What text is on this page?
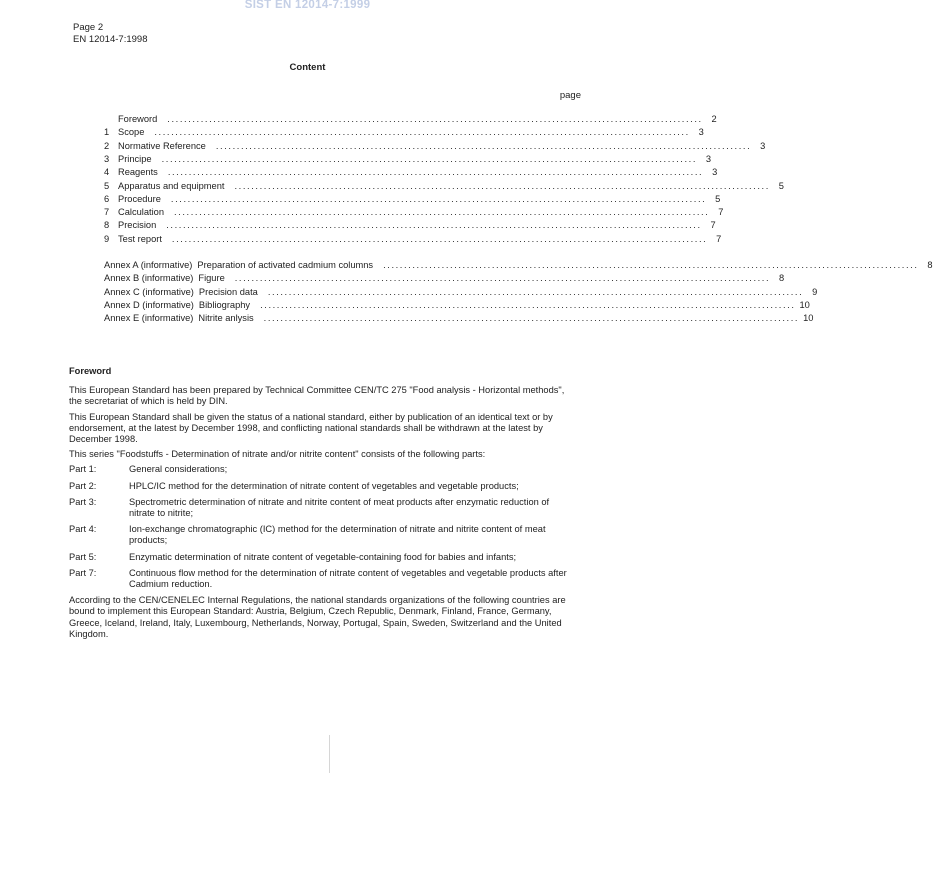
SIST EN 12014-7:1999
Page 2
EN 12014-7:1998
Content
page
Foreword ................................................................................................................................ 2
1 Scope ................................................................................................................................ 3
2 Normative Reference ................................................................................................................................ 3
3 Principe ................................................................................................................................ 3
4 Reagents ................................................................................................................................ 3
5 Apparatus and equipment ................................................................................................................................ 5
6 Procedure ................................................................................................................................ 5
7 Calculation ................................................................................................................................ 7
8 Precision ................................................................................................................................ 7
9 Test report ................................................................................................................................ 7
Annex A (informative) Preparation of activated cadmium columns ................................................................................................................................ 8
Annex B (informative) Figure ................................................................................................................................ 8
Annex C (informative) Precision data ................................................................................................................................ 9
Annex D (informative) Bibliography ................................................................................................................................ 10
Annex E (informative) Nitrite anlysis ................................................................................................................................ 10
Foreword

This European Standard has been prepared by Technical Committee CEN/TC 275 "Food analysis - Horizontal methods", the secretariat of which is held by DIN.

This European Standard shall be given the status of a national standard, either by publication of an identical text or by endorsement, at the latest by December 1998, and conflicting national standards shall be withdrawn at the latest by December 1998.

This series "Foodstuffs - Determination of nitrate and/or nitrite content" consists of the following parts:

Part 1:	General considerations;
Part 2:	HPLC/IC method for the determination of nitrate content of vegetables and vegetable products;
Part 3:	Spectrometric determination of nitrate and nitrite content of meat products after enzymatic reduction of nitrate to nitrite;
Part 4:	Ion-exchange chromatographic (IC) method for the determination of nitrate and nitrite content of meat products;
Part 5:	Enzymatic determination of nitrate content of vegetable-containing food for babies and infants;
Part 7:	Continuous flow method for the determination of nitrate content of vegetables and vegetable products after Cadmium reduction.

According to the CEN/CENELEC Internal Regulations, the national standards organizations of the following countries are bound to implement this European Standard: Austria, Belgium, Czech Republic, Denmark, Finland, France, Germany, Greece, Iceland, Ireland, Italy, Luxembourg, Netherlands, Norway, Portugal, Spain, Sweden, Switzerland and the United Kingdom.
